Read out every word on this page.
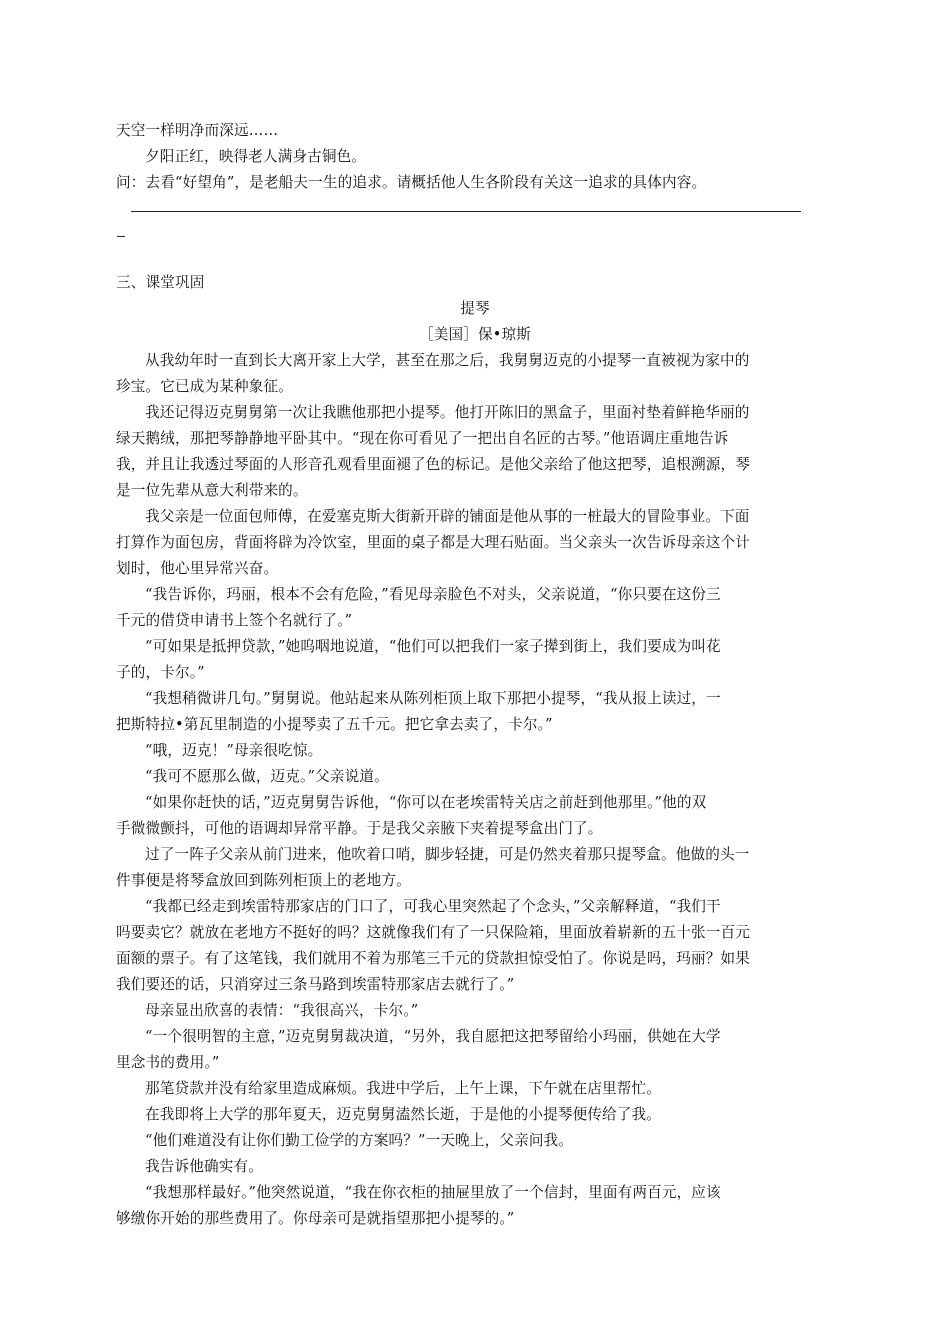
天空一样明净而深远……
夕阳正红，映得老人满身古铜色。
问：去看“好望角”，是老船夫一生的追求。请概括他人生各阶段有关这一追求的具体内容。
三、课堂巩固
提琴
［美国］保•琼斯
从我幼年时一直到长大离开家上大学，甚至在那之后，我舅舅迈克的小提琴一直被视为家中的
珍宝。它已成为某种象征。
我还记得迈克舅舅第一次让我瞧他那把小提琴。他打开陈旧的黑盒子，里面衬垫着鲜艳华丽的
绿天鹅绒，那把琴静静地平卧其中。“现在你可看见了一把出自名匠的古琴。”他语调庄重地告诉
我，并且让我透过琴面的人形音孔观看里面褪了色的标记。是他父亲给了他这把琴，追根溯源，琴
是一位先辈从意大利带来的。
我父亲是一位面包师傅，在爱塞克斯大街新开辟的铺面是他从事的一桩最大的冒险事业。下面
打算作为面包房，背面将辟为冷饮室，里面的桌子都是大理石贴面。当父亲头一次告诉母亲这个计
划时，他心里异常兴奋。
“我告诉你，玛丽，根本不会有危险，”看见母亲脸色不对头，父亲说道，“你只要在这份三
千元的借贷申请书上签个名就行了。”
“可如果是抵押贷款，”她呜咽地说道，“他们可以把我们一家子撵到街上，我们要成为叫花
子的，卡尔。”
“我想稍微讲几句。”舅舅说。他站起来从陈列柜顶上取下那把小提琴，“我从报上读过，一
把斯特拉•第瓦里制造的小提琴卖了五千元。把它拿去卖了，卡尔。”
“哦，迈克！”母亲很吃惊。
“我可不愿那么做，迈克。”父亲说道。
“如果你赶快的话，”迈克舅舅告诉他，“你可以在老埃雷特关店之前赶到他那里。”他的双
手微微颤抖，可他的语调却异常平静。于是我父亲腋下夹着提琴盒出门了。
过了一阵子父亲从前门进来，他吹着口哨，脚步轻捷，可是仍然夹着那只提琴盒。他做的头一
件事便是将琴盒放回到陈列柜顶上的老地方。
“我都已经走到埃雷特那家店的门口了，可我心里突然起了个念头，”父亲解释道，“我们干
吗要卖它？就放在老地方不挺好的吗？这就像我们有了一只保险箱，里面放着崭新的五十张一百元
面额的票子。有了这笔钱，我们就用不着为那笔三千元的贷款担惊受怕了。你说是吗，玛丽？如果
我们要还的话，只消穿过三条马路到埃雷特那家店去就行了。”
母亲显出欣喜的表情：“我很高兴，卡尔。”
“一个很明智的主意，”迈克舅舅裁决道，“另外，我自愿把这把琴留给小玛丽，供她在大学
里念书的费用。”
那笔贷款并没有给家里造成麻烦。我进中学后，上午上课，下午就在店里帮忙。
在我即将上大学的那年夏天，迈克舅舅溘然长逝，于是他的小提琴便传给了我。
“他们难道没有让你们勤工俭学的方案吗？”一天晚上，父亲问我。
我告诉他确实有。
“我想那样最好。”他突然说道，“我在你衣柜的抽屉里放了一个信封，里面有两百元，应该
够缴你开始的那些费用了。你母亲可是就指望那把小提琴的。”
